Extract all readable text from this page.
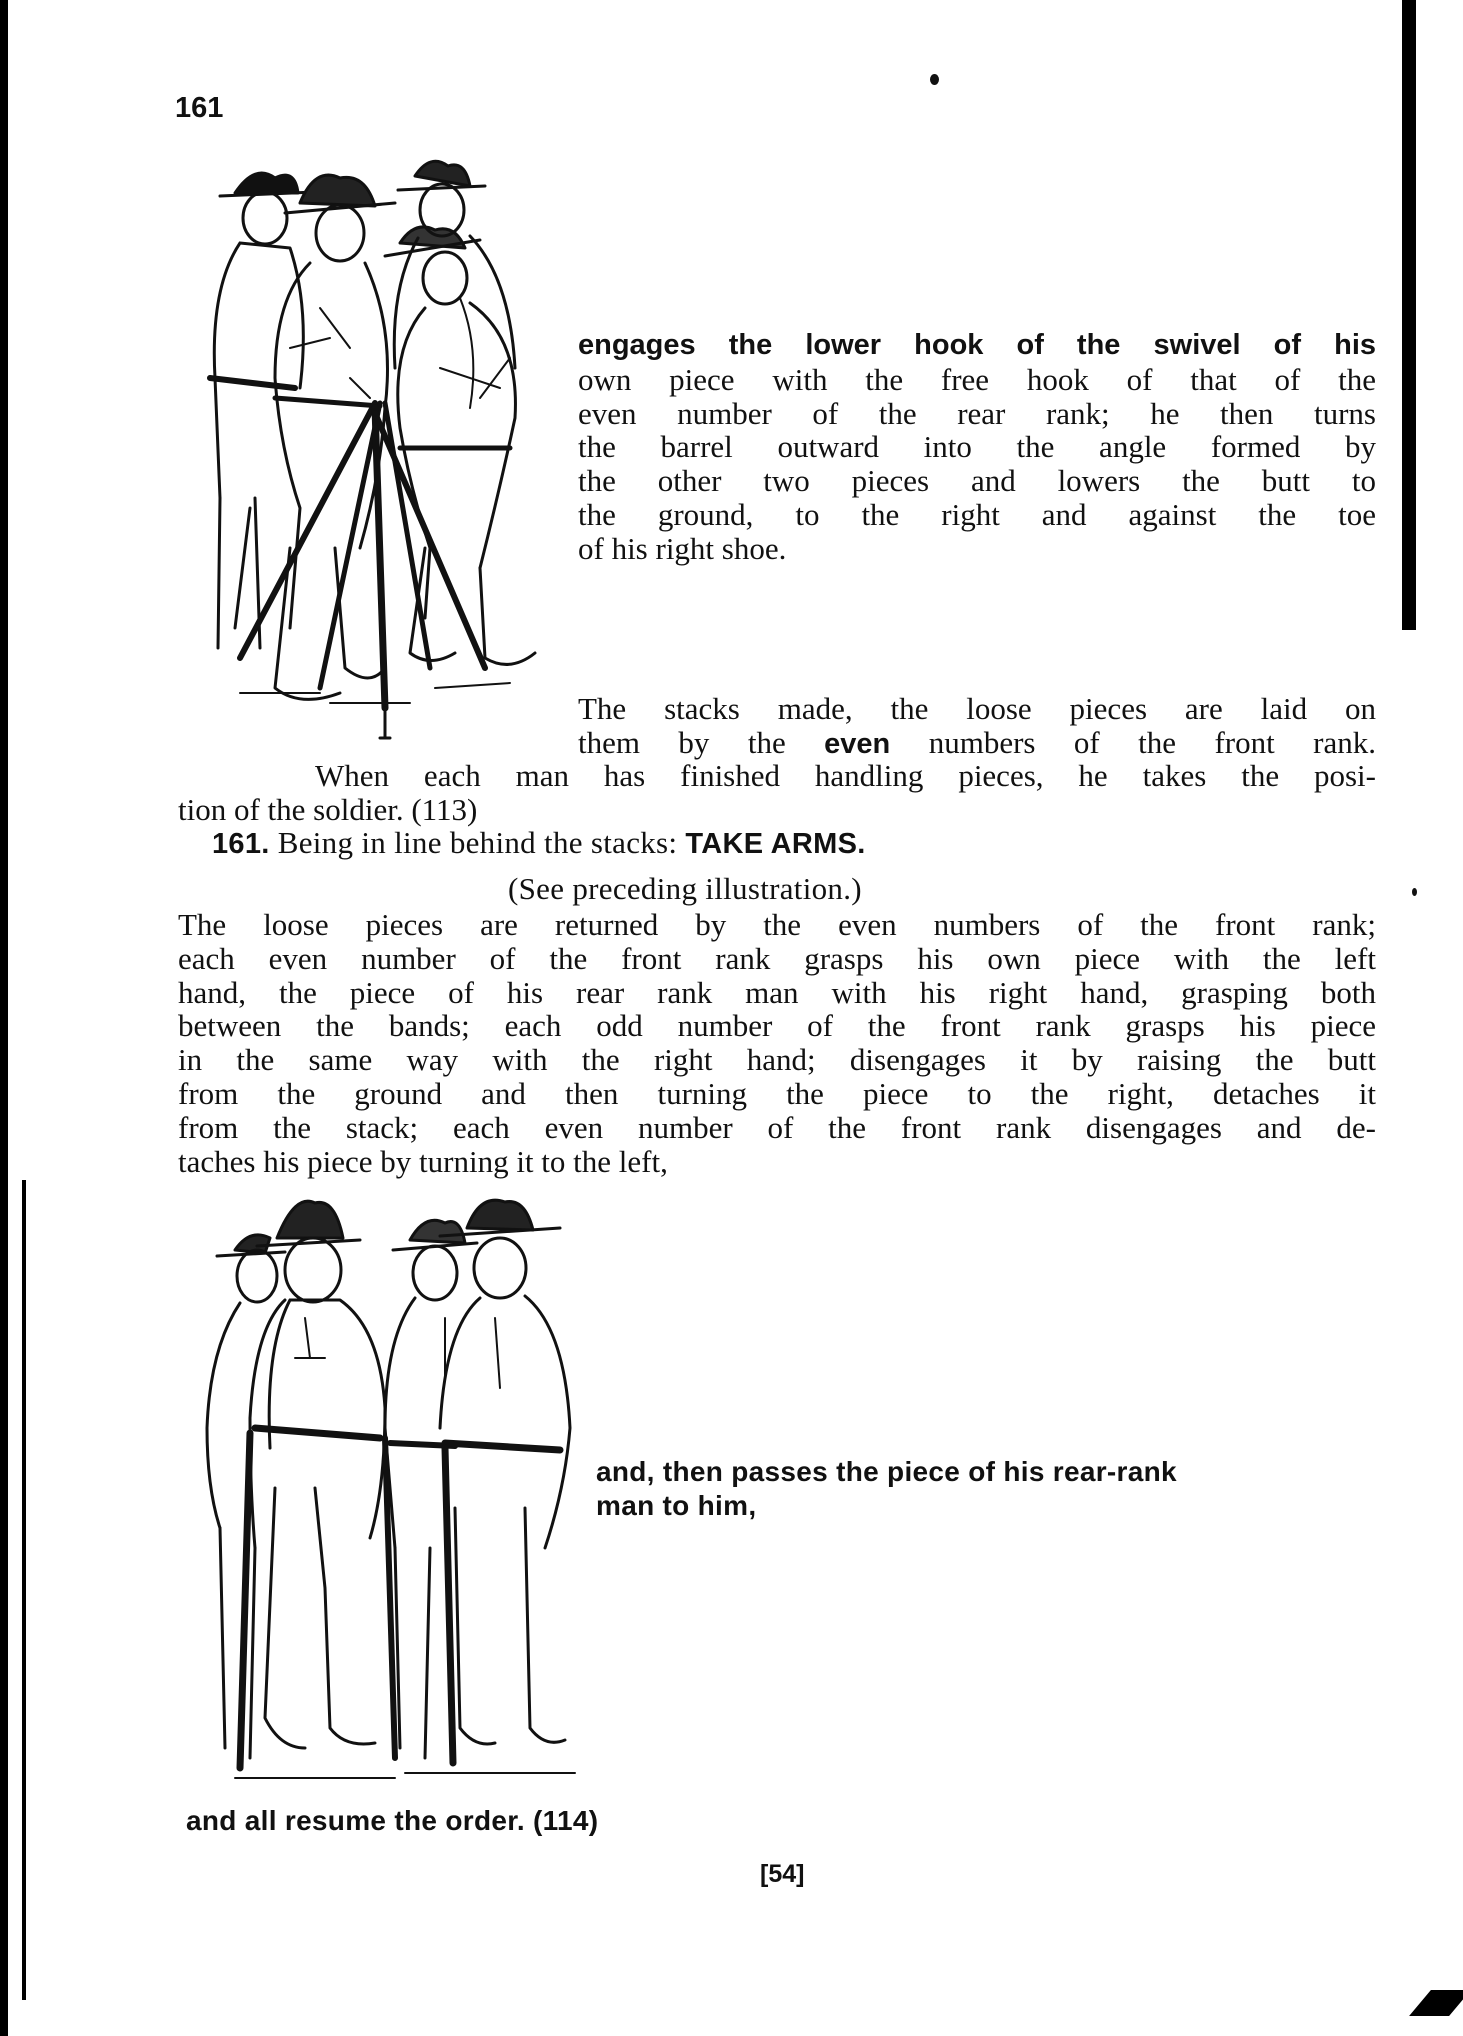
161
engages the lower hook of the swivel of his
own piece with the free hook of that of the
even number of the rear rank; he then turns
the barrel outward into the angle formed by
the other two pieces and lowers the butt to
the ground, to the right and against the toe
of his right shoe.
The stacks made, the loose pieces are laid on
them by the even numbers of the front rank.
When each man has finished handling pieces, he takes the posi-
tion of the soldier. (113)
161. Being in line behind the stacks: TAKE ARMS.
(See preceding illustration.)
The loose pieces are returned by the even numbers of the front rank;
each even number of the front rank grasps his own piece with the left
hand, the piece of his rear rank man with his right hand, grasping both
between the bands; each odd number of the front rank grasps his piece
in the same way with the right hand; disengages it by raising the butt
from the ground and then turning the piece to the right, detaches it
from the stack; each even number of the front rank disengages and de-
taches his piece by turning it to the left,
and, then passes the piece of his rear-rank
man to him,
and all resume the order. (114)
[54]
